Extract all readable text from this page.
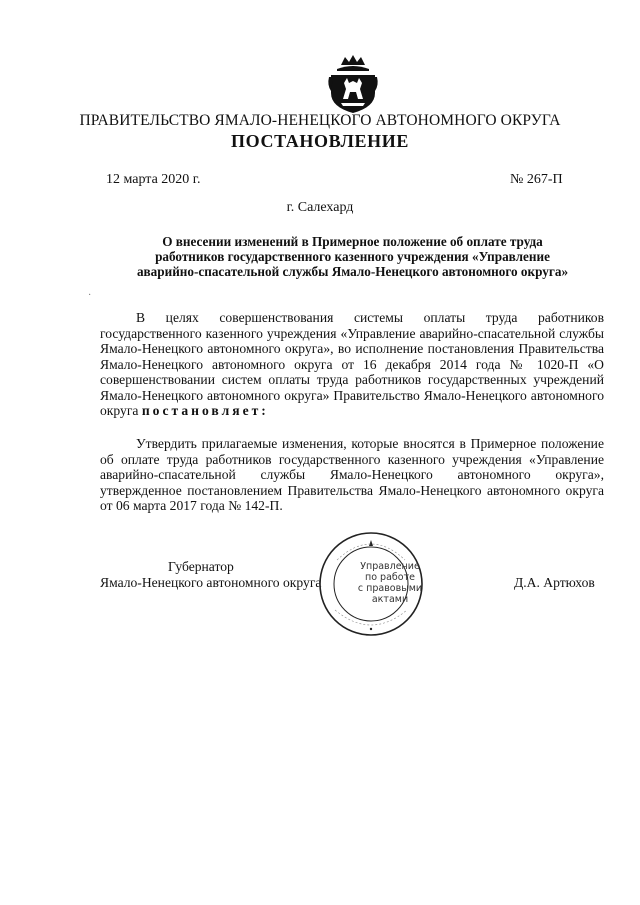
ПРАВИТЕЛЬСТВО ЯМАЛО-НЕНЕЦКОГО АВТОНОМНОГО ОКРУГА
ПОСТАНОВЛЕНИЕ
12 марта 2020 г.	№ 267-П
г. Салехард
О внесении изменений в Примерное положение об оплате труда
работников государственного казенного учреждения «Управление
аварийно-спасательной службы Ямало-Ненецкого автономного округа»
·
В целях совершенствования системы оплаты труда работников государственного казенного учреждения «Управление аварийно-спасательной службы Ямало-Ненецкого автономного округа», во исполнение постановления Правительства Ямало-Ненецкого автономного округа от 16 декабря 2014 года № 1020-П «О совершенствовании систем оплаты труда работников государственных учреждений Ямало-Ненецкого автономного округа» Правительство Ямало-Ненецкого автономного округа постановляет:
Утвердить прилагаемые изменения, которые вносятся в Примерное положение об оплате труда работников государственного казенного учреждения «Управление аварийно-спасательной службы Ямало-Ненецкого автономного округа», утвержденное постановлением Правительства Ямало-Ненецкого автономного округа от 06 марта 2017 года № 142-П.
Губернатор
Ямало-Ненецкого автономного округа	Д.А. Артюхов
Управление
по работе
с правовыми
актами
